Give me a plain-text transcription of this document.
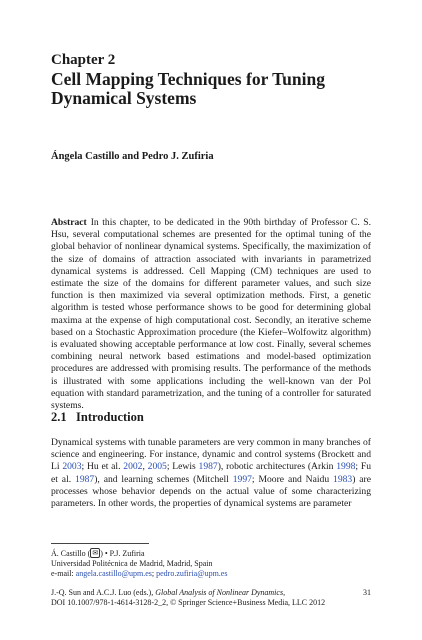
Chapter 2
Cell Mapping Techniques for Tuning Dynamical Systems
Ángela Castillo and Pedro J. Zufiria

Abstract In this chapter, to be dedicated in the 90th birthday of Professor C. S. Hsu, several computational schemes are presented for the optimal tuning of the global behavior of nonlinear dynamical systems. Specifically, the maximization of the size of domains of attraction associated with invariants in parametrized dynamical systems is addressed. Cell Mapping (CM) techniques are used to estimate the size of the domains for different parameter values, and such size function is then maximized via several optimization methods. First, a genetic algorithm is tested whose performance shows to be good for determining global maxima at the expense of high computational cost. Secondly, an iterative scheme based on a Stochastic Approximation procedure (the Kiefer–Wolfowitz algorithm) is evaluated showing acceptable performance at low cost. Finally, several schemes combining neural network based estimations and model-based optimization procedures are addressed with promising results. The performance of the methods is illustrated with some applications including the well-known van der Pol equation with standard parametrization, and the tuning of a controller for saturated systems.

2.1 Introduction

Dynamical systems with tunable parameters are very common in many branches of science and engineering. For instance, dynamic and control systems (Brockett and Li 2003; Hu et al. 2002, 2005; Lewis 1987), robotic architectures (Arkin 1998; Fu et al. 1987), and learning schemes (Mitchell 1997; Moore and Naidu 1983) are processes whose behavior depends on the actual value of some characterizing parameters. In other words, the properties of dynamical systems are parameter

Á. Castillo ( ✉ ) • P.J. Zufiria
Universidad Politécnica de Madrid, Madrid, Spain
e-mail: angela.castillo@upm.es; pedro.zufiria@upm.es
J.-Q. Sun and A.C.J. Luo (eds.), Global Analysis of Nonlinear Dynamics,
DOI 10.1007/978-1-4614-3128-2_2, © Springer Science+Business Media, LLC 2012
31
